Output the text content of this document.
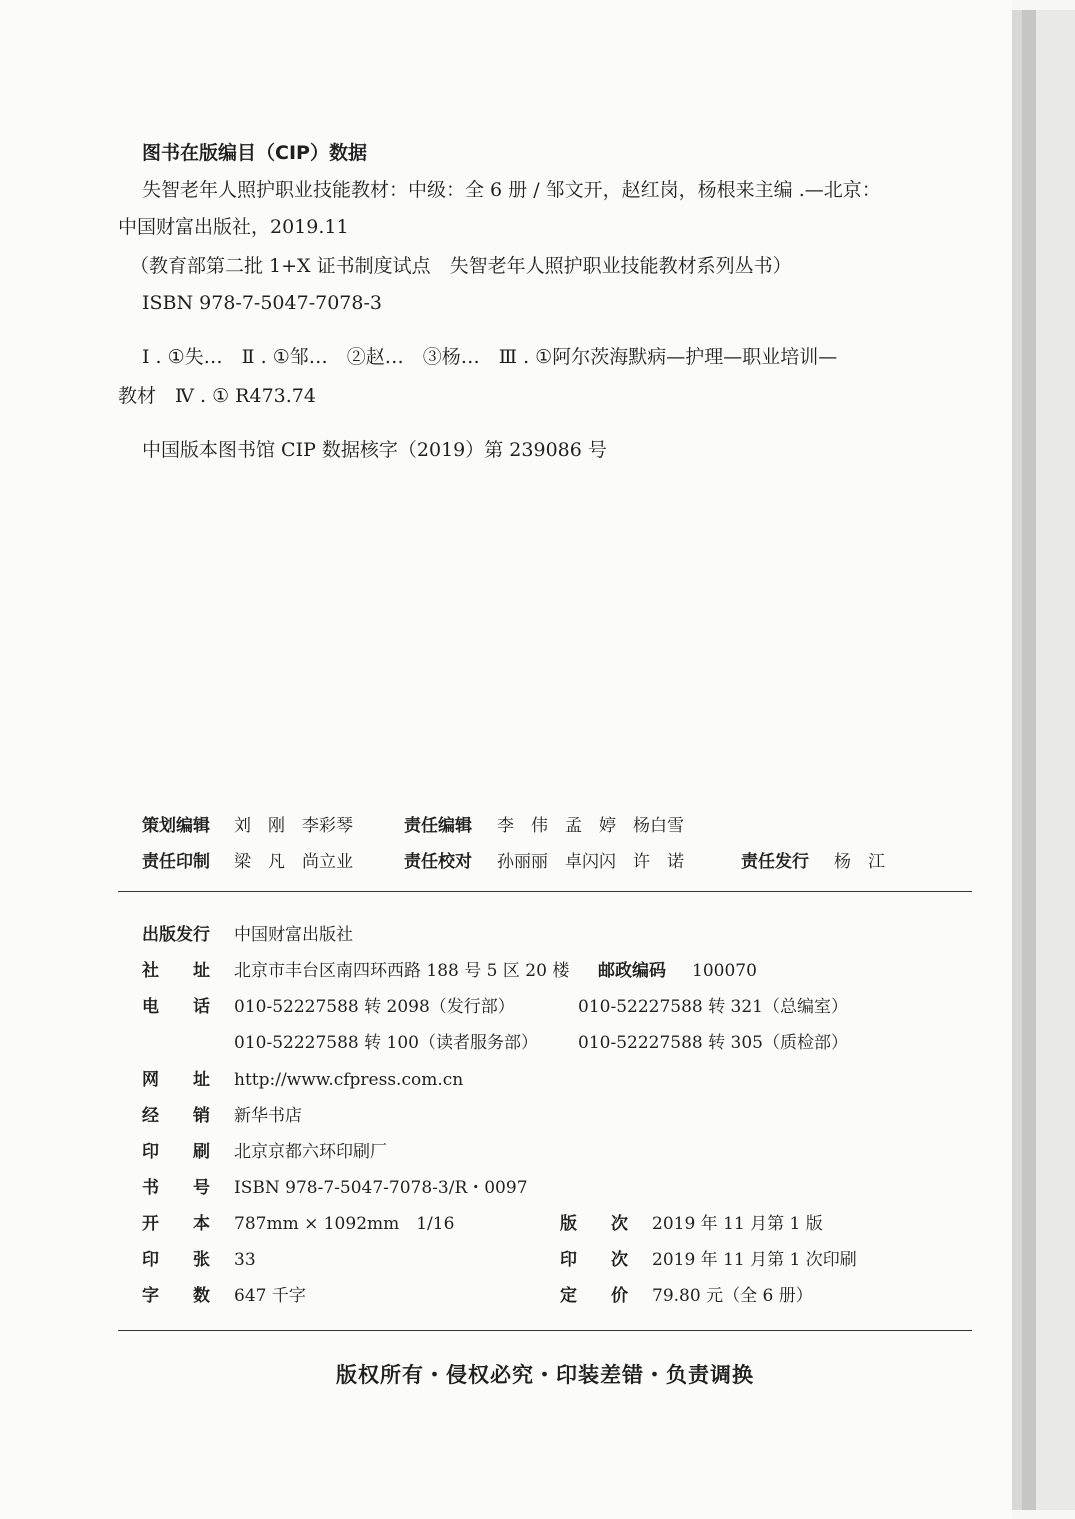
图书在版编目（CIP）数据
失智老年人照护职业技能教材：中级：全 6 册 / 邹文开，赵红岗，杨根来主编 .—北京：
中国财富出版社，2019.11
（教育部第二批 1+X 证书制度试点　失智老年人照护职业技能教材系列丛书）
ISBN 978-7-5047-7078-3
Ⅰ . ①失…　Ⅱ . ①邹…　②赵…　③杨…　Ⅲ . ①阿尔茨海默病—护理—职业培训—
教材　Ⅳ . ① R473.74
中国版本图书馆 CIP 数据核字（2019）第 239086 号
策划编辑 刘　刚　李彩琴	责任编辑 李　伟　孟　婷　杨白雪
责任印制 梁　凡　尚立业	责任校对 孙丽丽　卓闪闪　许　诺	责任发行 杨　江
出版发行 中国财富出版社
社　　址 北京市丰台区南四环西路 188 号 5 区 20 楼 邮政编码 100070
电　　话 010-52227588 转 2098（发行部）	010-52227588 转 321（总编室）
010-52227588 转 100（读者服务部） 010-52227588 转 305（质检部）
网　　址 http://www.cfpress.com.cn
经　　销 新华书店
印　　刷 北京京都六环印刷厂
书　　号 ISBN 978-7-5047-7078-3/R・0097
开　　本 787mm × 1092mm　1/16	版　　次 2019 年 11 月第 1 版
印　　张 33	印　　次 2019 年 11 月第 1 次印刷
字　　数 647 千字	定　　价 79.80 元（全 6 册）
版权所有・侵权必究・印装差错・负责调换
